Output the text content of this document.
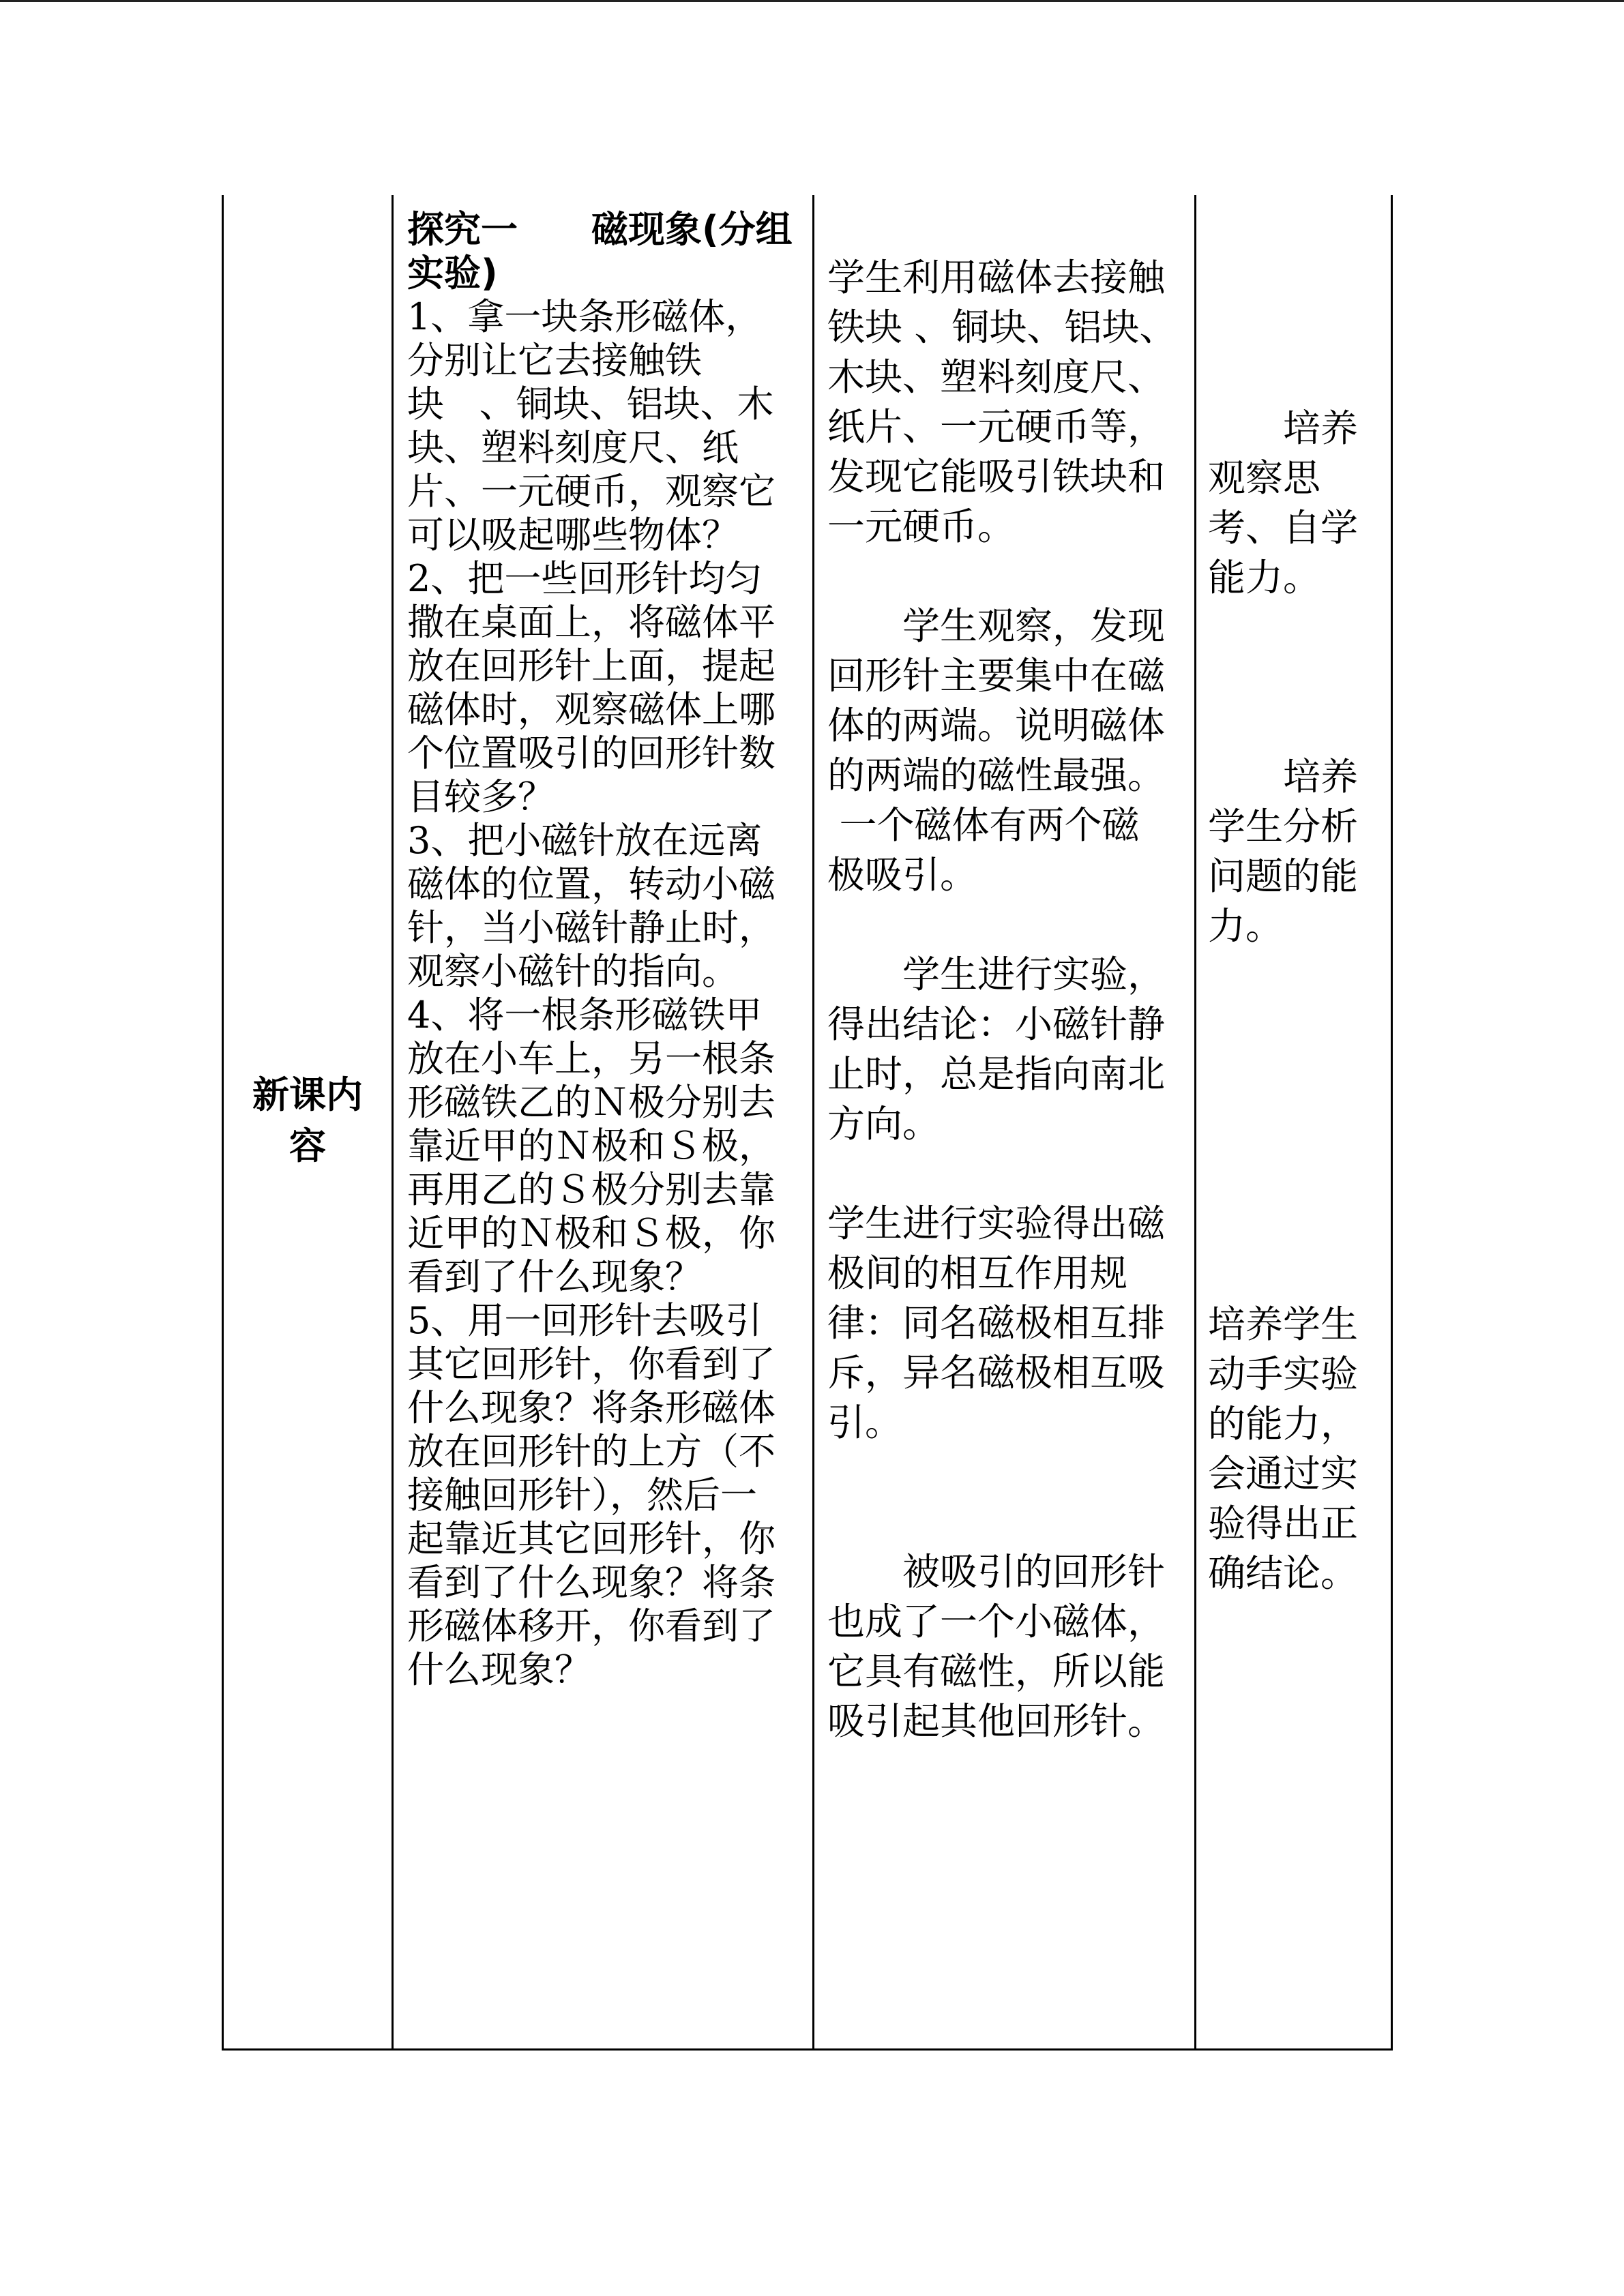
新课内
容
探究一　　磁现象(分组
实验)
1、拿一块条形磁体，
分别让它去接触铁
块   、铜块、铝块、木
块、塑料刻度尺、纸
片、一元硬币，观察它
可以吸起哪些物体？
2、把一些回形针均匀
撒在桌面上，将磁体平
放在回形针上面，提起
磁体时，观察磁体上哪
个位置吸引的回形针数
目较多？
3、把小磁针放在远离
磁体的位置，转动小磁
针，当小磁针静止时，
观察小磁针的指向。
4、将一根条形磁铁甲
放在小车上，另一根条
形磁铁乙的Ｎ极分别去
靠近甲的Ｎ极和Ｓ极，
再用乙的Ｓ极分别去靠
近甲的Ｎ极和Ｓ极，你
看到了什么现象？
5、用一回形针去吸引
其它回形针，你看到了
什么现象？将条形磁体
放在回形针的上方（不
接触回形针），然后一
起靠近其它回形针，你
看到了什么现象？将条
形磁体移开，你看到了
什么现象？
学生利用磁体去接触
铁块 、铜块、铝块、
木块、塑料刻度尺、
纸片、一元硬币等，
发现它能吸引铁块和
一元硬币。
　　学生观察，发现
回形针主要集中在磁
体的两端。说明磁体
的两端的磁性最强。
一个磁体有两个磁
极吸引。
　　学生进行实验，
得出结论：小磁针静
止时，总是指向南北
方向。
学生进行实验得出磁
极间的相互作用规
律：同名磁极相互排
斥，异名磁极相互吸
引。
　　被吸引的回形针
也成了一个小磁体，
它具有磁性，所以能
吸引起其他回形针。
　　培养
观察思
考、自学
能力。
　　培养
学生分析
问题的能
力。
培养学生
动手实验
的能力，
会通过实
验得出正
确结论。
